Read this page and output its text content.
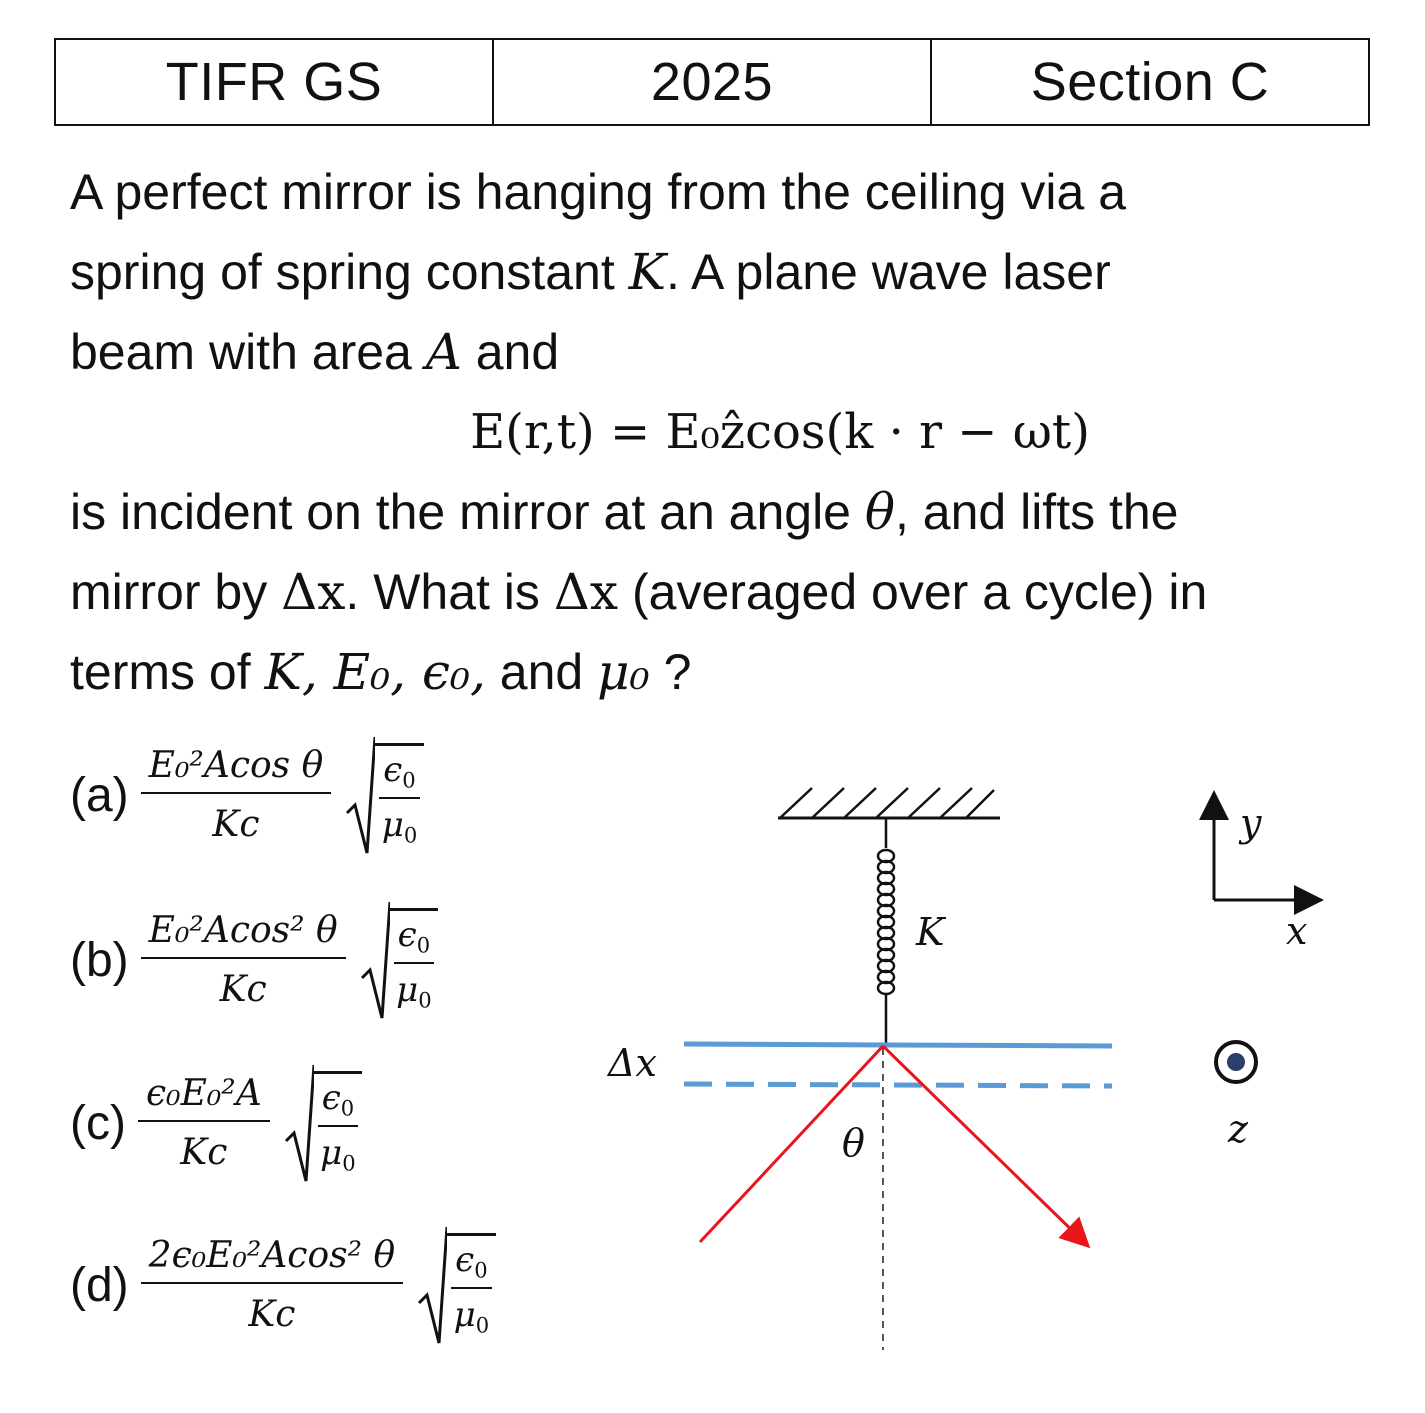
TIFR GS	2025	Section C
A perfect mirror is hanging from the ceiling via a
spring of spring constant K. A plane wave laser
beam with area A and
E(r,t) = E₀ẑcos(k · r − ωt)
is incident on the mirror at an angle θ, and lifts the
mirror by Δx. What is Δx (averaged over a cycle) in
terms of K, E₀, ϵ₀, and μ₀ ?
$(a) \frac{\text{E₀²Acos θ}}{Kc} \frac{\epsilon 0}{\mu 0}$
$(b) \frac{\text{E₀²Acos² θ}}{Kc} \frac{\epsilon 0}{\mu 0}$
$(c) \frac{\text{ϵ₀E₀²A}}{Kc} \frac{\epsilon 0}{\mu 0}$
$(d) \frac{\text{2ϵ₀E₀²Acos² θ}}{Kc} \frac{\epsilon 0}{\mu 0}$
K
Δx
θ
y
x
z
